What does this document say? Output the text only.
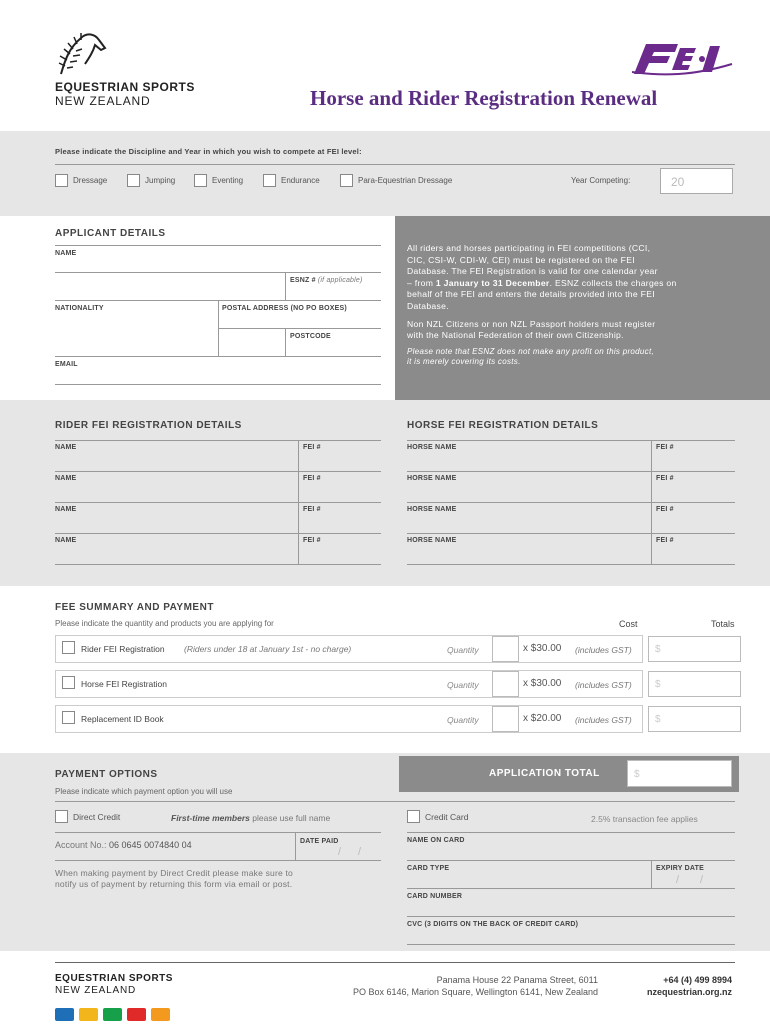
EQUESTRIAN SPORTS
NEW ZEALAND	Horse and Rider Registration Renewal
Please indicate the Discipline and Year in which you wish to compete at FEI level:
Dressage	Jumping	Eventing	Endurance	Para-Equestrian Dressage	Year Competing:	20
APPLICANT DETAILS
NAME
ESNZ # (if applicable)
NATIONALITY	POSTAL ADDRESS (NO PO BOXES)
POSTCODE
EMAIL
All riders and horses participating in FEI competitions (CCI,
CIC, CSI-W, CDI-W, CEI) must be registered on the FEI
Database. The FEI Registration is valid for one calendar year
– from 1 January to 31 December. ESNZ collects the charges on
behalf of the FEI and enters the details provided into the FEI
Database.
Non NZL Citizens or non NZL Passport holders must register
with the National Federation of their own Citizenship.
Please note that ESNZ does not make any profit on this product,
it is merely covering its costs.
RIDER FEI REGISTRATION DETAILS	HORSE FEI REGISTRATION DETAILS
NAME	FEI #	HORSE NAME	FEI #
NAME	FEI #	HORSE NAME	FEI #
NAME	FEI #	HORSE NAME	FEI #
NAME	FEI #	HORSE NAME	FEI #
FEE SUMMARY AND PAYMENT
Please indicate the quantity and products you are applying for	Cost	Totals
Rider FEI Registration (Riders under 18 at January 1st - no charge)	Quantity	x $30.00 (includes GST) $
Horse FEI Registration	Quantity	x $30.00 (includes GST) $
Replacement ID Book	Quantity	x $20.00 (includes GST) $
PAYMENT OPTIONS
Please indicate which payment option you will use
APPLICATION TOTAL	$
Direct Credit	First-time members please use full name
Account No.: 06 0645 0074840 04	DATE PAID
/ /
When making payment by Direct Credit please make sure to
notify us of payment by returning this form via email or post.
Credit Card	2.5% transaction fee applies
NAME ON CARD
CARD TYPE	EXPIRY DATE
/ /
CARD NUMBER
CVC (3 DIGITS ON THE BACK OF CREDIT CARD)
EQUESTRIAN SPORTS
NEW ZEALAND
Panama House 22 Panama Street, 6011
PO Box 6146, Marion Square, Wellington 6141, New Zealand
+64 (4) 499 8994
nzequestrian.org.nz
